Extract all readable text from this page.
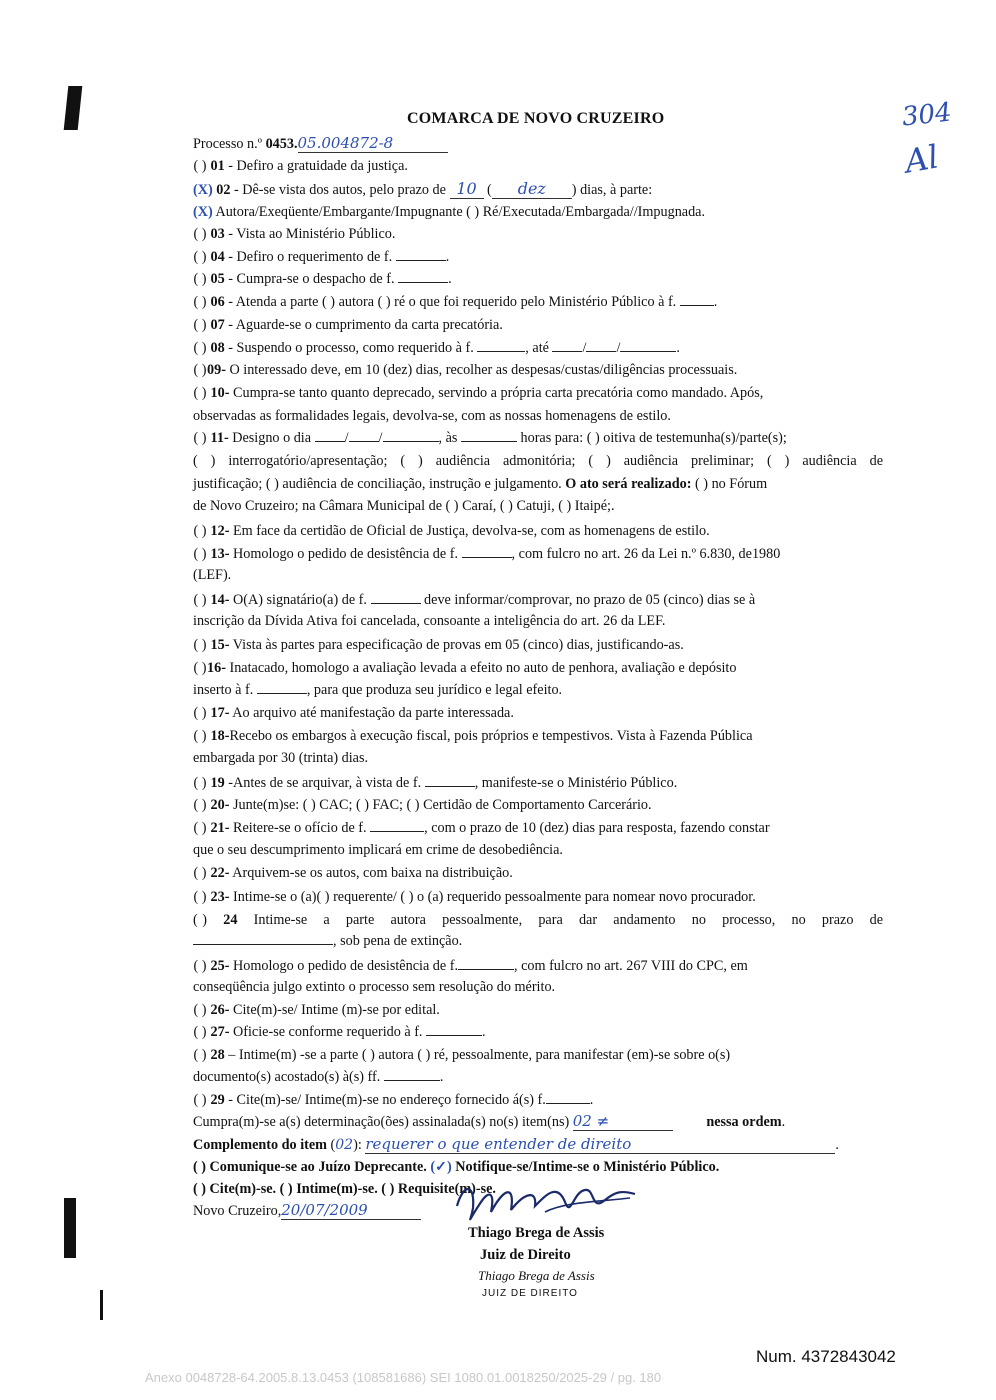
304
Al
COMARCA DE NOVO CRUZEIRO
Processo n.º 0453.05.004872-8
( ) 01 - Defiro a gratuidade da justiça.
(X) 02 - Dê-se vista dos autos, pelo prazo de 10 ( dez ) dias, à parte:
(X) Autora/Exeqüente/Embargante/Impugnante ( ) Ré/Executada/Embargada//Impugnada.
( ) 03 - Vista ao Ministério Público.
( ) 04 - Defiro o requerimento de f.	.
( ) 05 - Cumpra-se o despacho de f.	.
( ) 06 - Atenda a parte ( ) autora ( ) ré o que foi requerido pelo Ministério Público à f.	.
( ) 07 - Aguarde-se o cumprimento da carta precatória.
( ) 08 - Suspendo o processo, como requerido à f.	, até / /	.
( )09- O interessado deve, em 10 (dez) dias, recolher as despesas/custas/diligências processuais.
( ) 10- Cumpra-se tanto quanto deprecado, servindo a própria carta precatória como mandado. Após,
observadas as formalidades legais, devolva-se, com as nossas homenagens de estilo.
( ) 11- Designo o dia / /	, às	horas para: ( ) oitiva de testemunha(s)/parte(s);
( ) interrogatório/apresentação; ( ) audiência admonitória; ( ) audiência preliminar; ( ) audiência de
justificação; ( ) audiência de conciliação, instrução e julgamento. O ato será realizado: ( ) no Fórum
de Novo Cruzeiro; na Câmara Municipal de ( ) Caraí, ( ) Catuji, ( ) Itaipé;.
( ) 12- Em face da certidão de Oficial de Justiça, devolva-se, com as homenagens de estilo.
( ) 13- Homologo o pedido de desistência de f.	, com fulcro no art. 26 da Lei n.º 6.830, de1980
(LEF).
( ) 14- O(A) signatário(a) de f.	deve informar/comprovar, no prazo de 05 (cinco) dias se à
inscrição da Dívida Ativa foi cancelada, consoante a inteligência do art. 26 da LEF.
( ) 15- Vista às partes para especificação de provas em 05 (cinco) dias, justificando-as.
( )16- Inatacado, homologo a avaliação levada a efeito no auto de penhora, avaliação e depósito
inserto à f.	, para que produza seu jurídico e legal efeito.
( ) 17- Ao arquivo até manifestação da parte interessada.
( ) 18-Recebo os embargos à execução fiscal, pois próprios e tempestivos. Vista à Fazenda Pública
embargada por 30 (trinta) dias.
( ) 19 -Antes de se arquivar, à vista de f.	, manifeste-se o Ministério Público.
( ) 20- Junte(m)se: ( ) CAC; ( ) FAC; ( ) Certidão de Comportamento Carcerário.
( ) 21- Reitere-se o ofício de f.	, com o prazo de 10 (dez) dias para resposta, fazendo constar
que o seu descumprimento implicará em crime de desobediência.
( ) 22- Arquivem-se os autos, com baixa na distribuição.
( ) 23- Intime-se o (a)( ) requerente/ ( ) o (a) requerido pessoalmente para nomear novo procurador.
( ) 24 Intime-se a parte autora pessoalmente, para dar andamento no processo, no prazo de
, sob pena de extinção.
( ) 25- Homologo o pedido de desistência de f.	, com fulcro no art. 267 VIII do CPC, em
conseqüência julgo extinto o processo sem resolução do mérito.
( ) 26- Cite(m)-se/ Intime (m)-se por edital.
( ) 27- Oficie-se conforme requerido à f.	.
( ) 28 – Intime(m) -se a parte ( ) autora ( ) ré, pessoalmente, para manifestar (em)-se sobre o(s)
documento(s) acostado(s) à(s) ff.	.
( ) 29 - Cite(m)-se/ Intime(m)-se no endereço fornecido á(s) f.	.
Cumpra(m)-se a(s) determinação(ões) assinalada(s) no(s) item(ns) 02 ≠	nessa ordem.
Complemento do item (02): requerer o que entender de direito	.
( ) Comunique-se ao Juízo Deprecante. (✓) Notifique-se/Intime-se o Ministério Público.
( ) Cite(m)-se. ( ) Intime(m)-se. ( ) Requisite(m)-se.
Novo Cruzeiro,20/07/2009
Thiago Brega de Assis
Juiz de Direito
Thiago Brega de Assis
JUIZ DE DIREITO
Num. 4372843042
Anexo 0048728-64.2005.8.13.0453 (108581686) SEI 1080.01.0018250/2025-29 / pg. 180
